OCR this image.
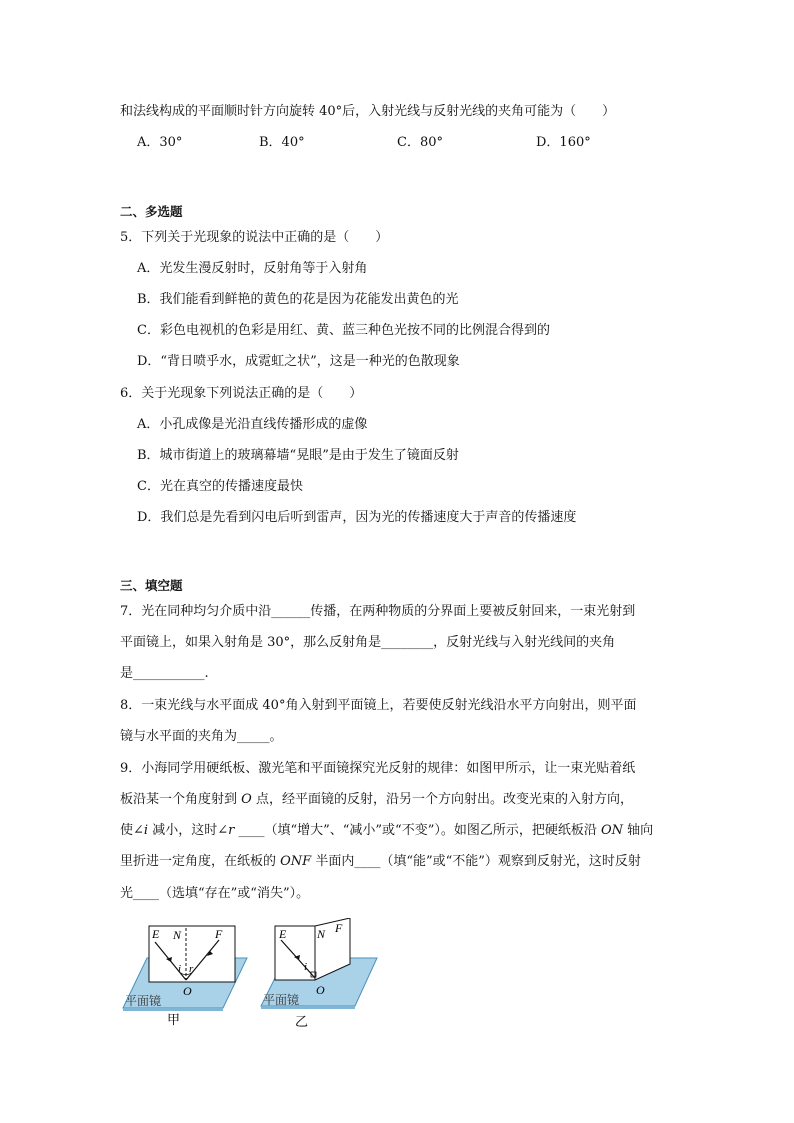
和法线构成的平面顺时针方向旋转 40°后，入射光线与反射光线的夹角可能为（　　）
A．30°	B．40°	C．80°	D．160°
二、多选题
5．下列关于光现象的说法中正确的是（　　）
A．光发生漫反射时，反射角等于入射角
B．我们能看到鲜艳的黄色的花是因为花能发出黄色的光
C．彩色电视机的色彩是用红、黄、蓝三种色光按不同的比例混合得到的
D．“背日喷乎水，成霓虹之状”，这是一种光的色散现象
6．关于光现象下列说法正确的是（　　）
A．小孔成像是光沿直线传播形成的虚像
B．城市街道上的玻璃幕墙“晃眼”是由于发生了镜面反射
C．光在真空的传播速度最快
D．我们总是先看到闪电后听到雷声，因为光的传播速度大于声音的传播速度
三、填空题
7．光在同种均匀介质中沿______传播，在两种物质的分界面上要被反射回来，一束光射到
平面镜上，如果入射角是 30°，那么反射角是________，反射光线与入射光线间的夹角
是___________.
8．一束光线与水平面成 40°角入射到平面镜上，若要使反射光线沿水平方向射出，则平面
镜与水平面的夹角为_____。
9．小海同学用硬纸板、激光笔和平面镜探究光反射的规律：如图甲所示，让一束光贴着纸
板沿某一个角度射到 O 点，经平面镜的反射，沿另一个方向射出。改变光束的入射方向，
使∠i 减小，这时∠r ____（填“增大”、“减小”或“不变”）。如图乙所示，把硬纸板沿 ON 轴向
里折进一定角度，在纸板的 ONF 半面内____（填“能”或“不能”）观察到反射光，这时反射
光____（选填“存在”或“消失”）。
E N	F
i r
O
平面镜
甲
E	N F
i
O
平面镜
乙
